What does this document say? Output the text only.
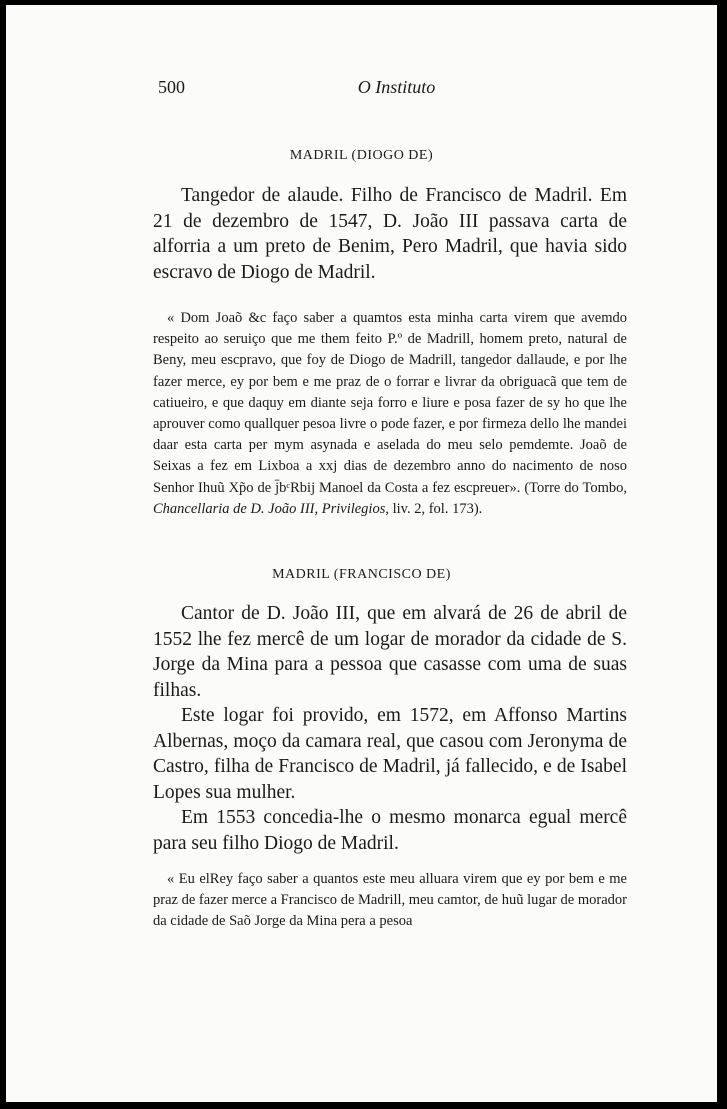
500	O Instituto
MADRIL (DIOGO DE)

Tangedor de alaude. Filho de Francisco de Madril. Em 21 de dezembro de 1547, D. João III passava carta de alforria a um preto de Benim, Pero Madril, que havia sido escravo de Diogo de Madril.

« Dom Joaõ &c faço saber a quamtos esta minha carta virem que avemdo respeito ao seruiço que me them feito P.º de Madrill, homem preto, natural de Beny, meu escpravo, que foy de Diogo de Madrill, tangedor dallaude, e por lhe fazer merce, ey por bem e me praz de o forrar e livrar da obriguacã que tem de catiueiro, e que daquy em diante seja forro e liure e posa fazer de sy ho que lhe aprouver como quallquer pesoa livre o pode fazer, e por firmeza dello lhe mandei daar esta carta per mym asynada e aselada do meu selo pemdemte. Joaõ de Seixas a fez em Lixboa a xxj dias de dezembro anno do nacimento de noso Senhor Ihuũ Xp̃o de j̄bᶜRbij Manoel da Costa a fez escpreuer». (Torre do Tombo, Chancellaria de D. João III, Privilegios, liv. 2, fol. 173).

MADRIL (FRANCISCO DE)

Cantor de D. João III, que em alvará de 26 de abril de 1552 lhe fez mercê de um logar de morador da cidade de S. Jorge da Mina para a pessoa que casasse com uma de suas filhas.

Este logar foi provido, em 1572, em Affonso Martins Albernas, moço da camara real, que casou com Jeronyma de Castro, filha de Francisco de Madril, já fallecido, e de Isabel Lopes sua mulher.

Em 1553 concedia-lhe o mesmo monarca egual mercê para seu filho Diogo de Madril.

« Eu elRey faço saber a quantos este meu alluara virem que ey por bem e me praz de fazer merce a Francisco de Madrill, meu camtor, de huũ lugar de morador da cidade de Saõ Jorge da Mina pera a pesoa
